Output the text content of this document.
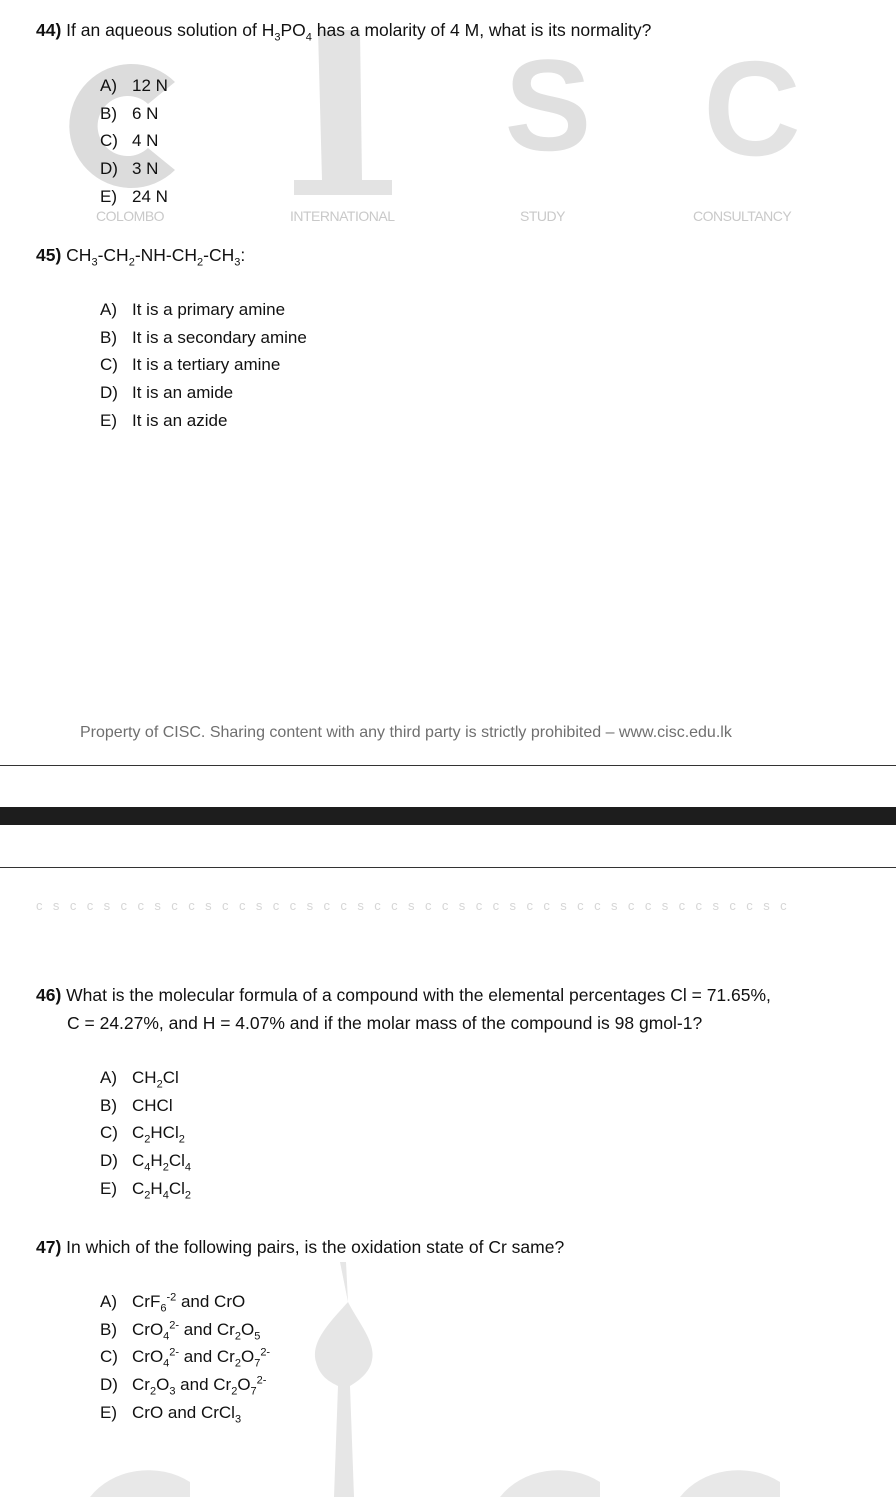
S C
COLOMBO	INTERNATIONAL	STUDY	CONSULTANCY
44) If an aqueous solution of $H_3PO_4$ has a molarity of 4 M, what is its normality?
A) 12 N
B) 6 N
C) 4 N
D) 3 N
E) 24 N
45) $CH_3-CH_2-NH-CH_2-CH_3$:
A) It is a primary amine
B) It is a secondary amine
C) It is a tertiary amine
D) It is an amide
E) It is an azide
Property of CISC. Sharing content with any third party is strictly prohibited – www.cisc.edu.lk
c s c c s c c s c c s c c s c c s c c s c c s c c s c c s c c s c c s c c s c c s c c s c
46) What is the molecular formula of a compound with the elemental percentages Cl = 71.65%,
C = 24.27%, and H = 4.07% and if the molar mass of the compound is 98 gmol-1?
A) $CH_2Cl$
B) CHCl
C) $C_2HCl_2$
D) $C_4H_2Cl_4$
E) $C_2H_4Cl_2$
47) In which of the following pairs, is the oxidation state of Cr same?
A) CrF$_6^{-2}$ and CrO
B) CrO$_4^{2-}$ and $Cr_2O_5$
C) CrO$_4^{2-}$ and $Cr_2O_7^{2-}$
D) $Cr_2O_3$ and $Cr_2O_7^{2-}$
E) CrO and CrCl$_3$
